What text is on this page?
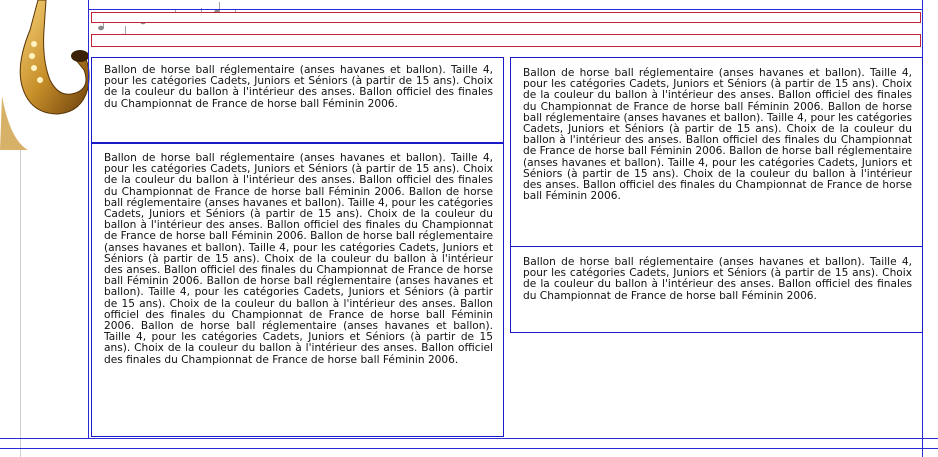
Ballon de horse ball réglementaire (anses havanes et ballon). Taille 4, pour les catégories Cadets, Juniors et Séniors (à partir de 15 ans). Choix de la couleur du ballon à l'intérieur des anses. Ballon officiel des finales du Championnat de France de horse ball Féminin 2006.

Ballon de horse ball réglementaire (anses havanes et ballon). Taille 4, pour les catégories Cadets, Juniors et Séniors (à partir de 15 ans). Choix de la couleur du ballon à l'intérieur des anses. Ballon officiel des finales du Championnat de France de horse ball Féminin 2006. Ballon de horse ball réglementaire (anses havanes et ballon). Taille 4, pour les catégories Cadets, Juniors et Séniors (à partir de 15 ans). Choix de la couleur du ballon à l'intérieur des anses. Ballon officiel des finales du Championnat de France de horse ball Féminin 2006. Ballon de horse ball réglementaire (anses havanes et ballon). Taille 4, pour les catégories Cadets, Juniors et Séniors (à partir de 15 ans). Choix de la couleur du ballon à l'intérieur des anses. Ballon officiel des finales du Championnat de France de horse ball Féminin 2006. Ballon de horse ball réglementaire (anses havanes et ballon). Taille 4, pour les catégories Cadets, Juniors et Séniors (à partir de 15 ans). Choix de la couleur du ballon à l'intérieur des anses. Ballon officiel des finales du Championnat de France de horse ball Féminin 2006. Ballon de horse ball réglementaire (anses havanes et ballon). Taille 4, pour les catégories Cadets, Juniors et Séniors (à partir de 15 ans). Choix de la couleur du ballon à l'intérieur des anses. Ballon officiel des finales du Championnat de France de horse ball Féminin 2006.

Ballon de horse ball réglementaire (anses havanes et ballon). Taille 4, pour les catégories Cadets, Juniors et Séniors (à partir de 15 ans). Choix de la couleur du ballon à l'intérieur des anses. Ballon officiel des finales du Championnat de France de horse ball Féminin 2006. Ballon de horse ball réglementaire (anses havanes et ballon). Taille 4, pour les catégories Cadets, Juniors et Séniors (à partir de 15 ans). Choix de la couleur du ballon à l'intérieur des anses. Ballon officiel des finales du Championnat de France de horse ball Féminin 2006. Ballon de horse ball réglementaire (anses havanes et ballon). Taille 4, pour les catégories Cadets, Juniors et Séniors (à partir de 15 ans). Choix de la couleur du ballon à l'intérieur des anses. Ballon officiel des finales du Championnat de France de horse ball Féminin 2006.

Ballon de horse ball réglementaire (anses havanes et ballon). Taille 4, pour les catégories Cadets, Juniors et Séniors (à partir de 15 ans). Choix de la couleur du ballon à l'intérieur des anses. Ballon officiel des finales du Championnat de France de horse ball Féminin 2006.
